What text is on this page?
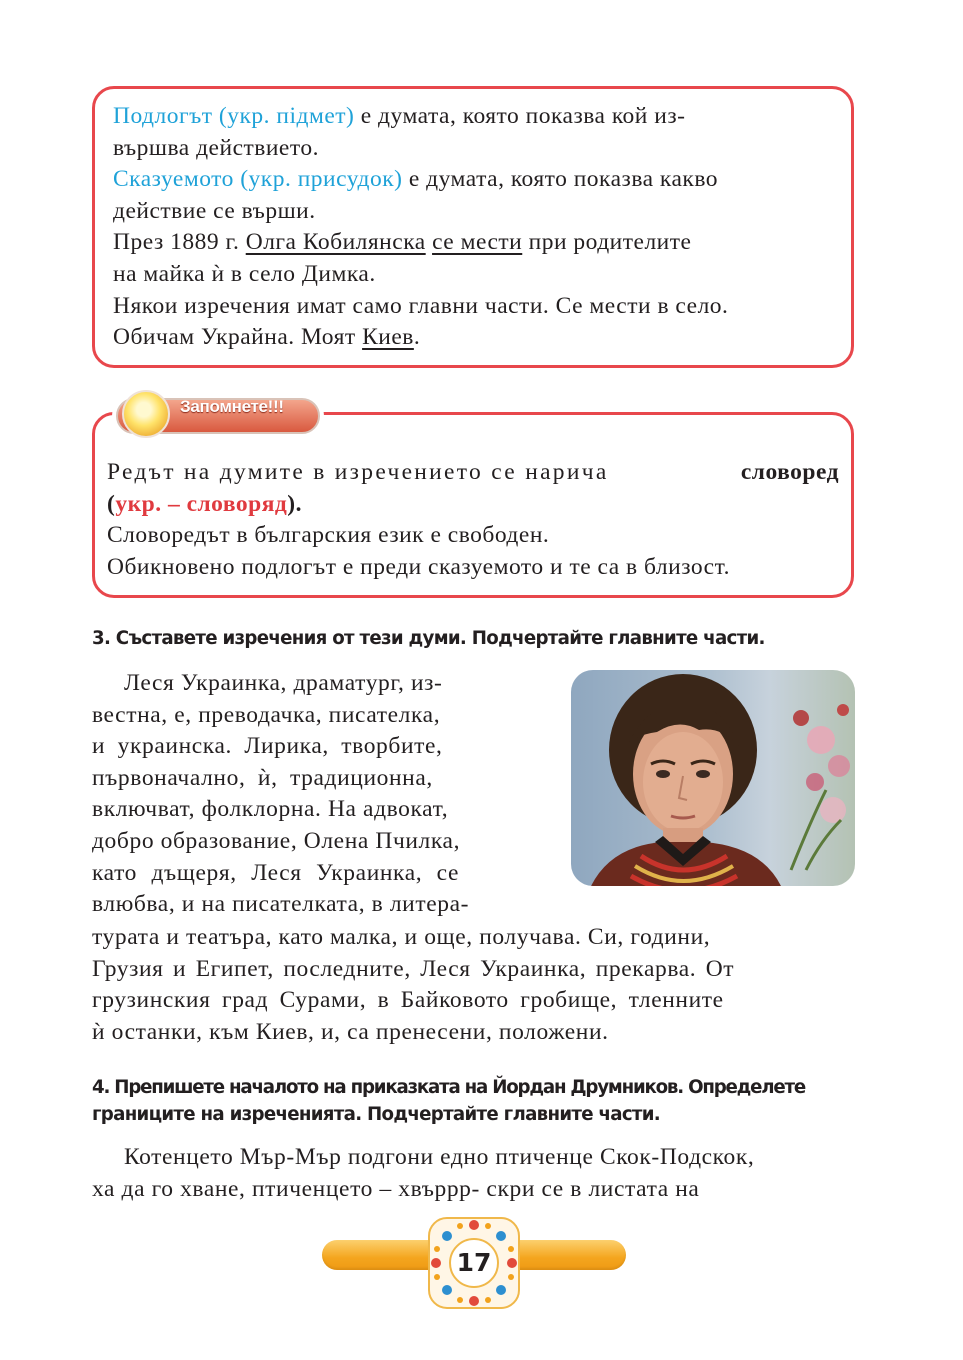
Подлогът (укр. підмет) е думата, която показва кой из-
вършва действието.
Сказуемото (укр. присудок) е думата, която показва какво
действие се върши.
През 1889 г. Олга Кобилянска се мести при родителите
на майка ѝ в село Димка.
Някои изречения имат само главни части. Се мести в село.
Обичам Украйна. Моят Киев.
Редът на думите в изречението се нарича	словоред
(укр. – словоряд).
Словоредът в българския език е свободен.
Обикновено подлогът е преди сказуемото и те са в близост.
Запомнете!!!
3. Съставете изречения от тези думи. Подчертайте главните части.
Леся Украинка, драматург, из-
вестна, е, преводачка, писателка,
и украинска. Лирика, творбите,
първоначално, ѝ, традиционна,
включват, фолклорна. На адвокат,
добро образование, Олена Пчилка,
като дъщеря, Леся Украинка, се
влюбва, и на писателката, в литера-
турата и театъра, като малка, и още, получава. Си, години,
Грузия и Египет, последните, Леся Украинка, прекарва. От
грузинския град Сурами, в Байковото гробище, тленните
ѝ останки, към Киев, и, са пренесени, положени.
4. Препишете началото на приказката на Йордан Друмников. Определете
границите на изреченията. Подчертайте главните части.
Котенцето Мър-Мър подгони едно птиченце Скок-Подскок,
ха да го хване, птиченцето – хвъррр- скри се в листата на
17
